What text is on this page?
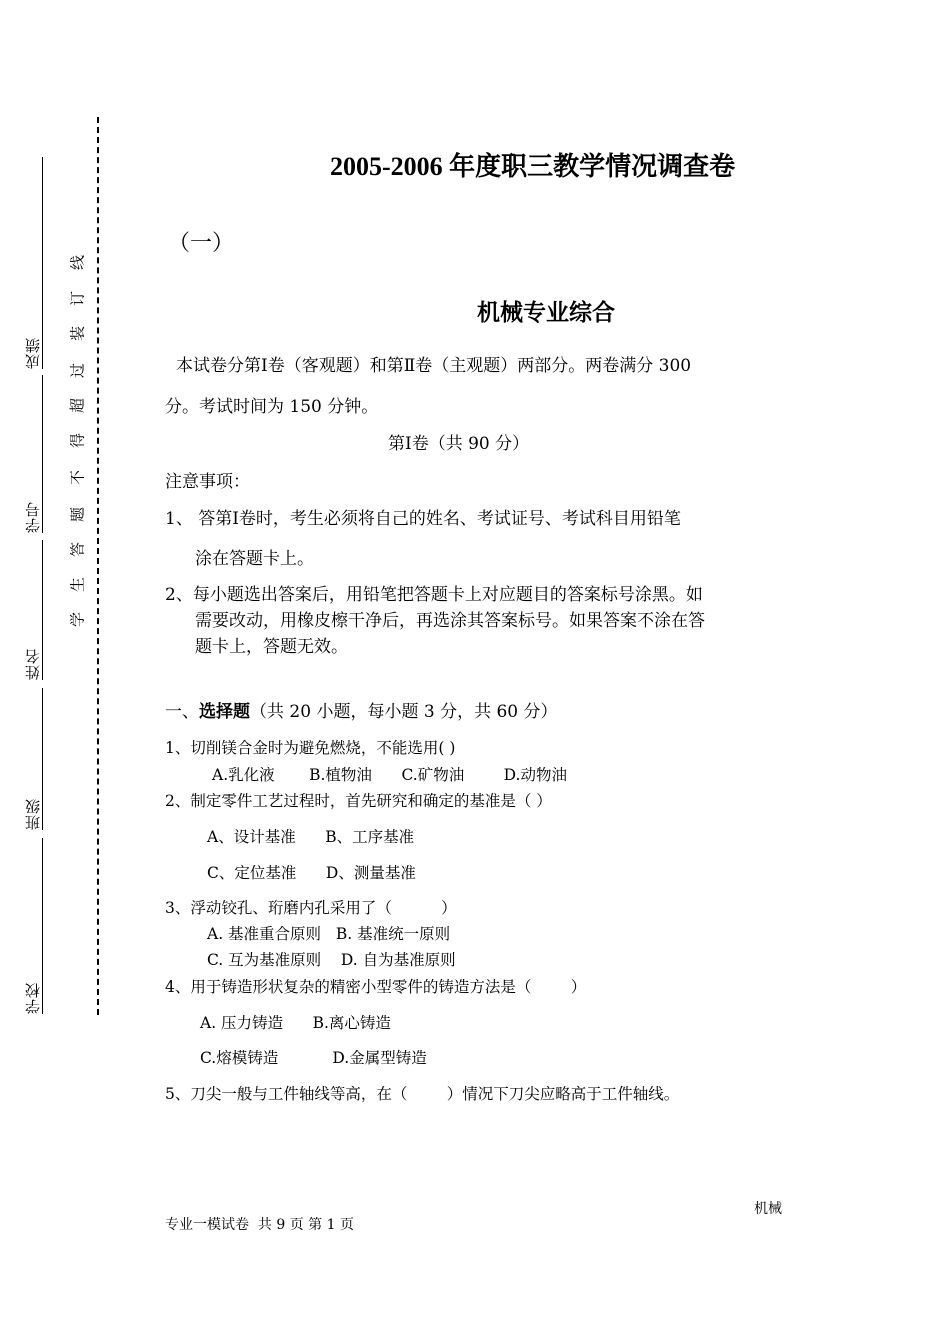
成绩
学号
姓名
班级
学校
学
生
答
题
不
得
超
过
装
订
线
2005-2006 年度职三教学情况调查卷
（一）
机械专业综合
本试卷分第Ⅰ卷（客观题）和第Ⅱ卷（主观题）两部分。两卷满分 300
分。考试时间为 150 分钟。
第Ⅰ卷（共 90 分）
注意事项：
1、 答第Ⅰ卷时，考生必须将自己的姓名、考试证号、考试科目用铅笔
涂在答题卡上。
2、每小题选出答案后，用铅笔把答题卡上对应题目的答案标号涂黑。如
需要改动，用橡皮檫干净后，再选涂其答案标号。如果答案不涂在答
题卡上，答题无效。
一、选择题（共 20 小题，每小题 3 分，共 60 分）
1、切削镁合金时为避免燃烧，不能选用( )
A.乳化液       B.植物油      C.矿物油        D.动物油
2、制定零件工艺过程时，首先研究和确定的基准是（ ）
A、设计基准      B、工序基准
C、定位基准      D、测量基准
3、浮动铰孔、珩磨内孔采用了（          ）
A. 基准重合原则   B. 基准统一原则
C. 互为基准原则    D. 自为基准原则
4、用于铸造形状复杂的精密小型零件的铸造方法是（        ）
A. 压力铸造      B.离心铸造
C.熔模铸造           D.金属型铸造
5、刀尖一般与工件轴线等高，在（        ）情况下刀尖应略高于工件轴线。
机械
专业一模试卷  共 9 页 第 1 页
